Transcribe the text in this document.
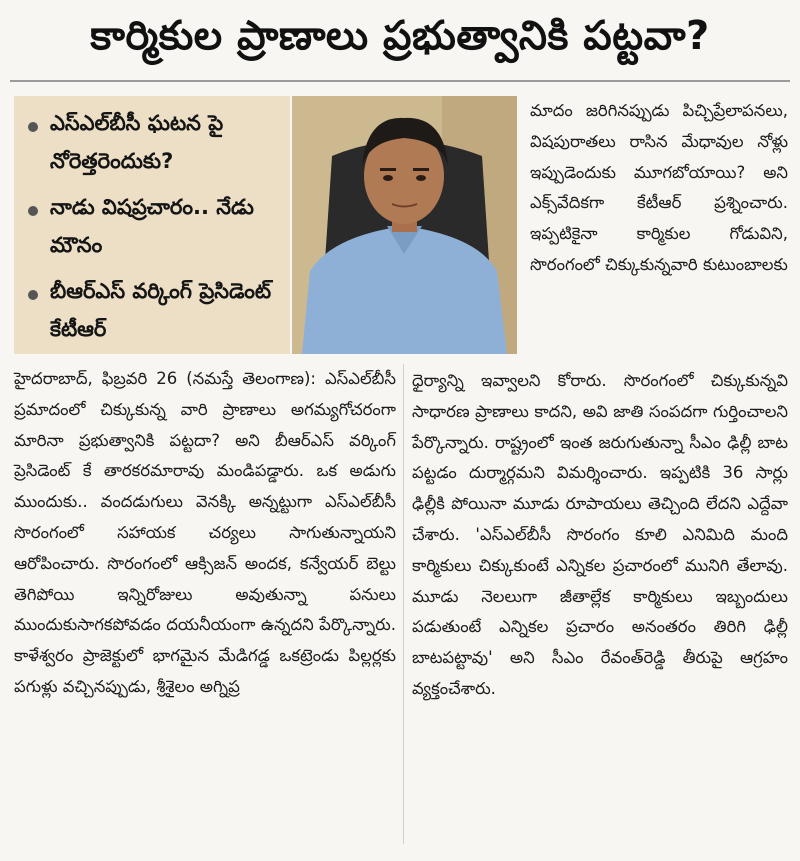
కార్మికుల ప్రాణాలు ప్రభుత్వానికి పట్టవా?
ఎస్‌ఎల్‌బీసీ ఘటన పై నోరెత్తరెందుకు?
నాడు విషప్రచారం.. నేడు మౌనం
బీఆర్‌ఎస్ వర్కింగ్ ప్రెసిడెంట్ కేటీఆర్

మాదం జరిగినప్పుడు పిచ్చిప్రేలాపనలు, విషపురాతలు రాసిన మేధావుల నోళ్లు ఇప్పుడెందుకు మూగబోయాయి? అని ఎక్స్‌వేదికగా కేటీఆర్ ప్రశ్నించారు. ఇప్పటికైనా కార్మికుల గోడువిని, సొరంగంలో చిక్కుకున్నవారి కుటుంబాలకు

హైదరాబాద్, ఫిబ్రవరి 26 (నమస్తే తెలంగాణ): ఎస్‌ఎల్‌బీసీ ప్రమాదంలో చిక్కుకున్న వారి ప్రాణాలు అగమ్యగోచరంగా మారినా ప్రభుత్వానికి పట్టదా? అని బీఆర్‌ఎస్ వర్కింగ్ ప్రెసిడెంట్ కే తారకరమారావు మండిపడ్డారు. ఒక అడుగు ముందుకు.. వందడుగులు వెనక్కి అన్నట్టుగా ఎస్‌ఎల్‌బీసీ సొరంగంలో సహాయక చర్యలు సాగుతున్నాయని ఆరోపించారు. సొరంగంలో ఆక్సిజన్ అందక, కన్వేయర్ బెల్టు తెగిపోయి ఇన్నిరోజులు అవుతున్నా పనులు ముందుకుసాగకపోవడం దయనీయంగా ఉన్నదని పేర్కొన్నారు. కాళేశ్వరం ప్రాజెక్టులో భాగమైన మేడిగడ్డ ఒకట్రెండు పిల్లర్లకు పగుళ్లు వచ్చినప్పుడు, శ్రీశైలం అగ్నిప్ర

ధైర్యాన్ని ఇవ్వాలని కోరారు. సొరంగంలో చిక్కుకున్నవి సాధారణ ప్రాణాలు కాదని, అవి జాతి సంపదగా గుర్తించాలని పేర్కొన్నారు. రాష్ట్రంలో ఇంత జరుగుతున్నా సీఎం ఢిల్లీ బాట పట్టడం దుర్మార్గమని విమర్శించారు. ఇప్పటికి 36 సార్లు ఢిల్లీకి పోయినా మూడు రూపాయలు తెచ్చింది లేదని ఎద్దేవా చేశారు. 'ఎస్‌ఎల్‌బీసీ సొరంగం కూలి ఎనిమిది మంది కార్మికులు చిక్కుకుంటే ఎన్నికల ప్రచారంలో మునిగి తేలావు. మూడు నెలలుగా జీతాల్లేక కార్మికులు ఇబ్బందులు పడుతుంటే ఎన్నికల ప్రచారం అనంతరం తిరిగి ఢిల్లీ బాటపట్టావు' అని సీఎం రేవంత్‌రెడ్డి తీరుపై ఆగ్రహం వ్యక్తంచేశారు.
